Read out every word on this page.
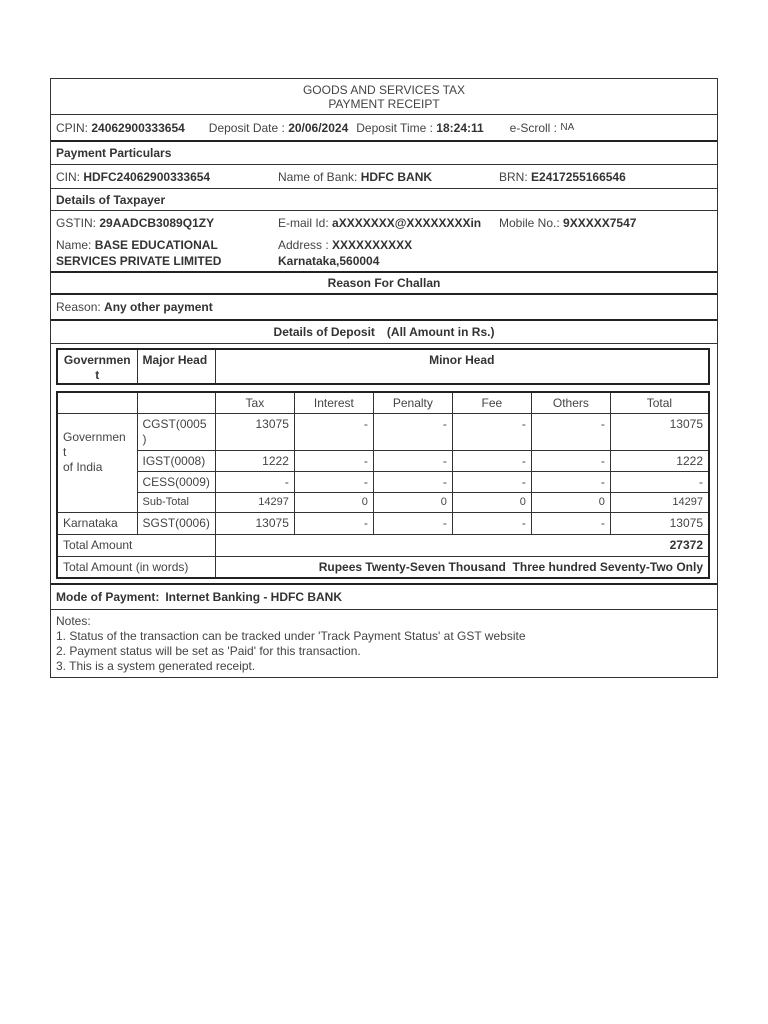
GOODS AND SERVICES TAX
PAYMENT RECEIPT
CPIN:
24062900333654 Deposit Date :
20/06/2024 Deposit Time :
18:24:11 e-Scroll :
NA
Payment Particulars
CIN: HDFC24062900333654	Name of Bank: HDFC BANK	BRN: E2417255166546
Details of Taxpayer
GSTIN: 29AADCB3089Q1ZY	E-mail Id: aXXXXXXX@XXXXXXXXin	Mobile No.: 9XXXXX7547
Name: BASE EDUCATIONAL
SERVICES PRIVATE LIMITED
Address : XXXXXXXXXX
Karnataka,560004
Reason For Challan
Reason:
Any other payment
Details of Deposit (All Amount in Rs.)
Governmen
t	Major Head	Minor Head
		Tax	Interest	Penalty	Fee	Others	Total
Governmen
t
of India	CGST(0005
)	13075	-	-	-	-	13075
	IGST(0008)	1222	-	-	-	-	1222
	CESS(0009)	-	-	-	-	-	-
	Sub-Total	14297	0	0	0	0	14297
Karnataka	SGST(0006)	13075	-	-	-	-	13075
Total Amount		27372					
Total Amount (in words)		Rupees Twenty-Seven Thousand  Three hundred Seventy-Two Only					
Mode of Payment: Internet Banking - HDFC BANK
Notes:
1. Status of the transaction can be tracked under 'Track Payment Status' at GST website
2. Payment status will be set as 'Paid' for this transaction.
3. This is a system generated receipt.
